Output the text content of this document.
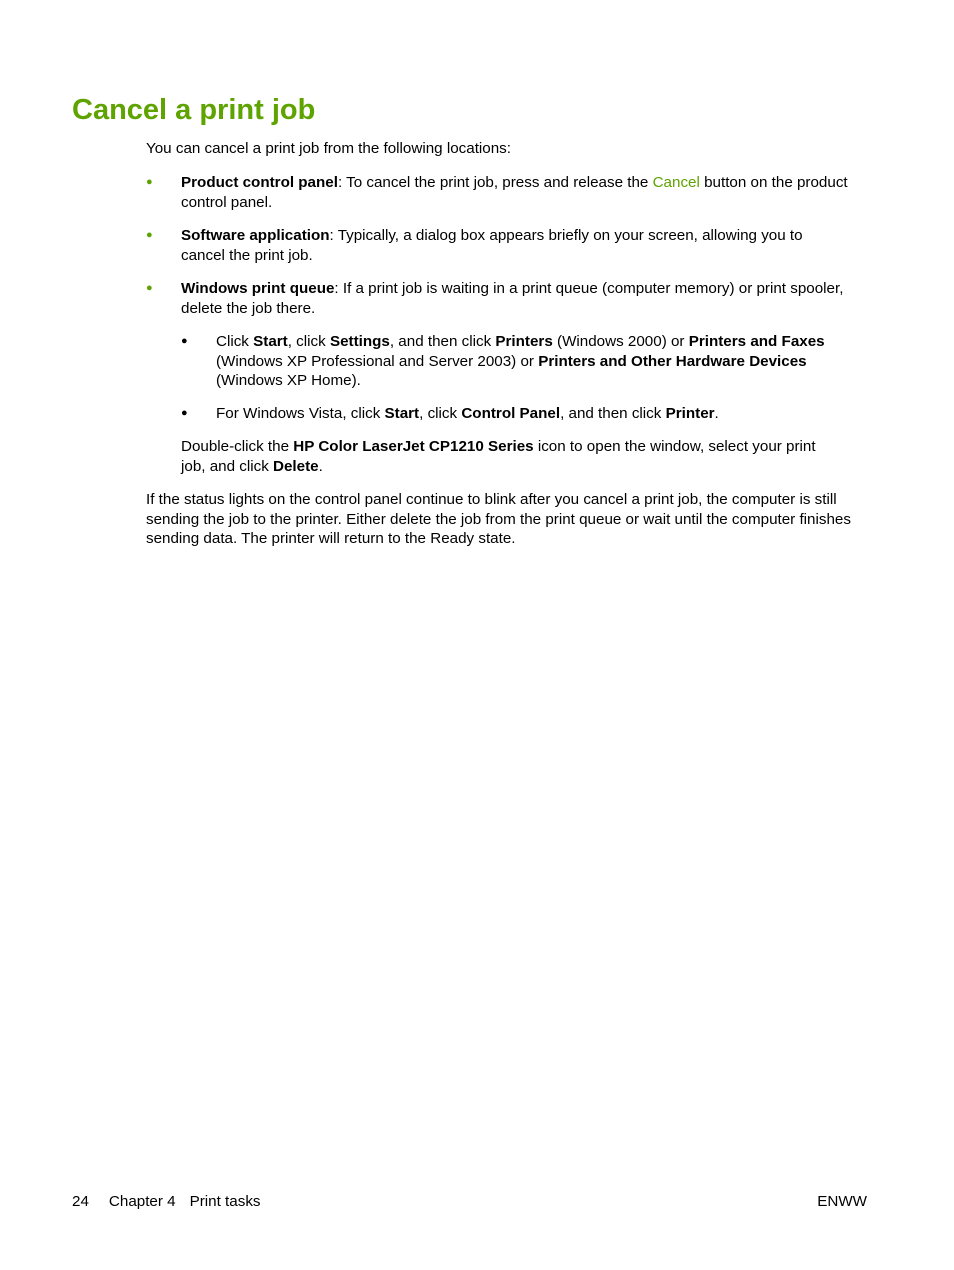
Cancel a print job

You can cancel a print job from the following locations:

● Product control panel: To cancel the print job, press and release the Cancel button on the product
control panel.
● Software application: Typically, a dialog box appears briefly on your screen, allowing you to
cancel the print job.
● Windows print queue: If a print job is waiting in a print queue (computer memory) or print spooler,
delete the job there.
● Click Start, click Settings, and then click Printers (Windows 2000) or Printers and Faxes
(Windows XP Professional and Server 2003) or Printers and Other Hardware Devices
(Windows XP Home).
● For Windows Vista, click Start, click Control Panel, and then click Printer.

Double-click the HP Color LaserJet CP1210 Series icon to open the window, select your print
job, and click Delete.

If the status lights on the control panel continue to blink after you cancel a print job, the computer is still
sending the job to the printer. Either delete the job from the print queue or wait until the computer finishes
sending data. The printer will return to the Ready state.

24 Chapter 4 Print tasks	ENWW
